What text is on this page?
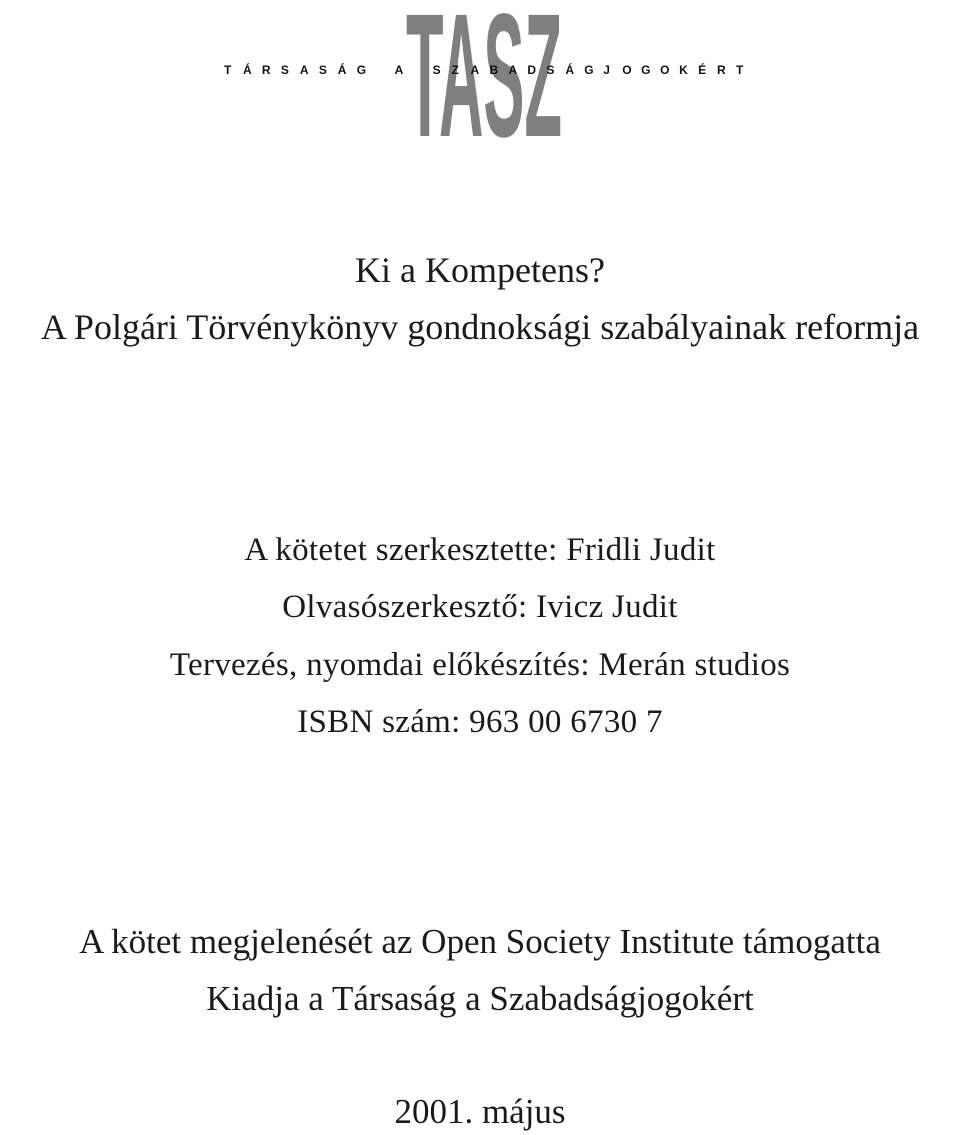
TASZ
T Á R S A S Á G A S Z A B A D S Á G J O G O K É R T
Ki a Kompetens?
A Polgári Törvénykönyv gondnoksági szabályainak reformja
A kötetet szerkesztette: Fridli Judit
Olvasószerkesztő: Ivicz Judit
Tervezés, nyomdai előkészítés: Merán studios
ISBN szám: 963 00 6730 7
A kötet megjelenését az Open Society Institute támogatta
Kiadja a Társaság a Szabadságjogokért
2001. május
